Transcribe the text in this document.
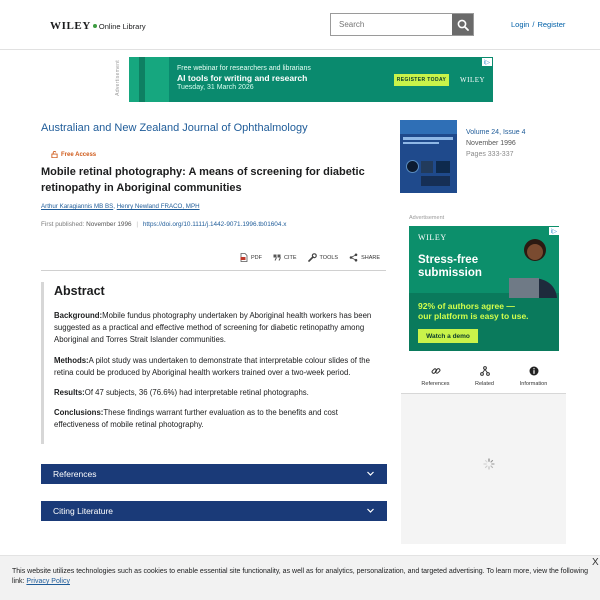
WILEY Online Library
Search	Login / Register
Advertisement	Free webinar for researchers and librarians
AI tools for writing and research
Tuesday, 31 March 2026
REGISTER TODAY	WILEY
i▷
Australian and New Zealand Journal of Ophthalmology
Free Access
Mobile retinal photography: A means of screening for diabetic retinopathy in Aboriginal communities
Arthur Karagiannis MB BS, Henry Newland FRACO, MPH
First published: November 1996 | https://doi.org/10.1111/j.1442-9071.1996.tb01604.x
PDF	CITE	TOOLS	SHARE
Abstract

Background:Mobile fundus photography undertaken by Aboriginal health workers has been suggested as a practical and effective method of screening for diabetic retinopathy among Aboriginal and Torres Strait Islander communities.

Methods:A pilot study was undertaken to demonstrate that interpretable colour slides of the retina could be produced by Aboriginal health workers trained over a two-week period.

Results:Of 47 subjects, 36 (76.6%) had interpretable retinal photographs.

Conclusions:These findings warrant further evaluation as to the benefits and cost effectiveness of mobile retinal photography.

References
Citing Literature
Volume 24, Issue 4
November 1996
Pages 333-337
Advertisement
WILEY
Stress-free submission
92% of authors agree —
our platform is easy to use.
Watch a demo
i▷
References	Related	Information
This website utilizes technologies such as cookies to enable essential site functionality, as well as for analytics, personalization, and targeted advertising. To learn more, view the following link: Privacy Policy
X
